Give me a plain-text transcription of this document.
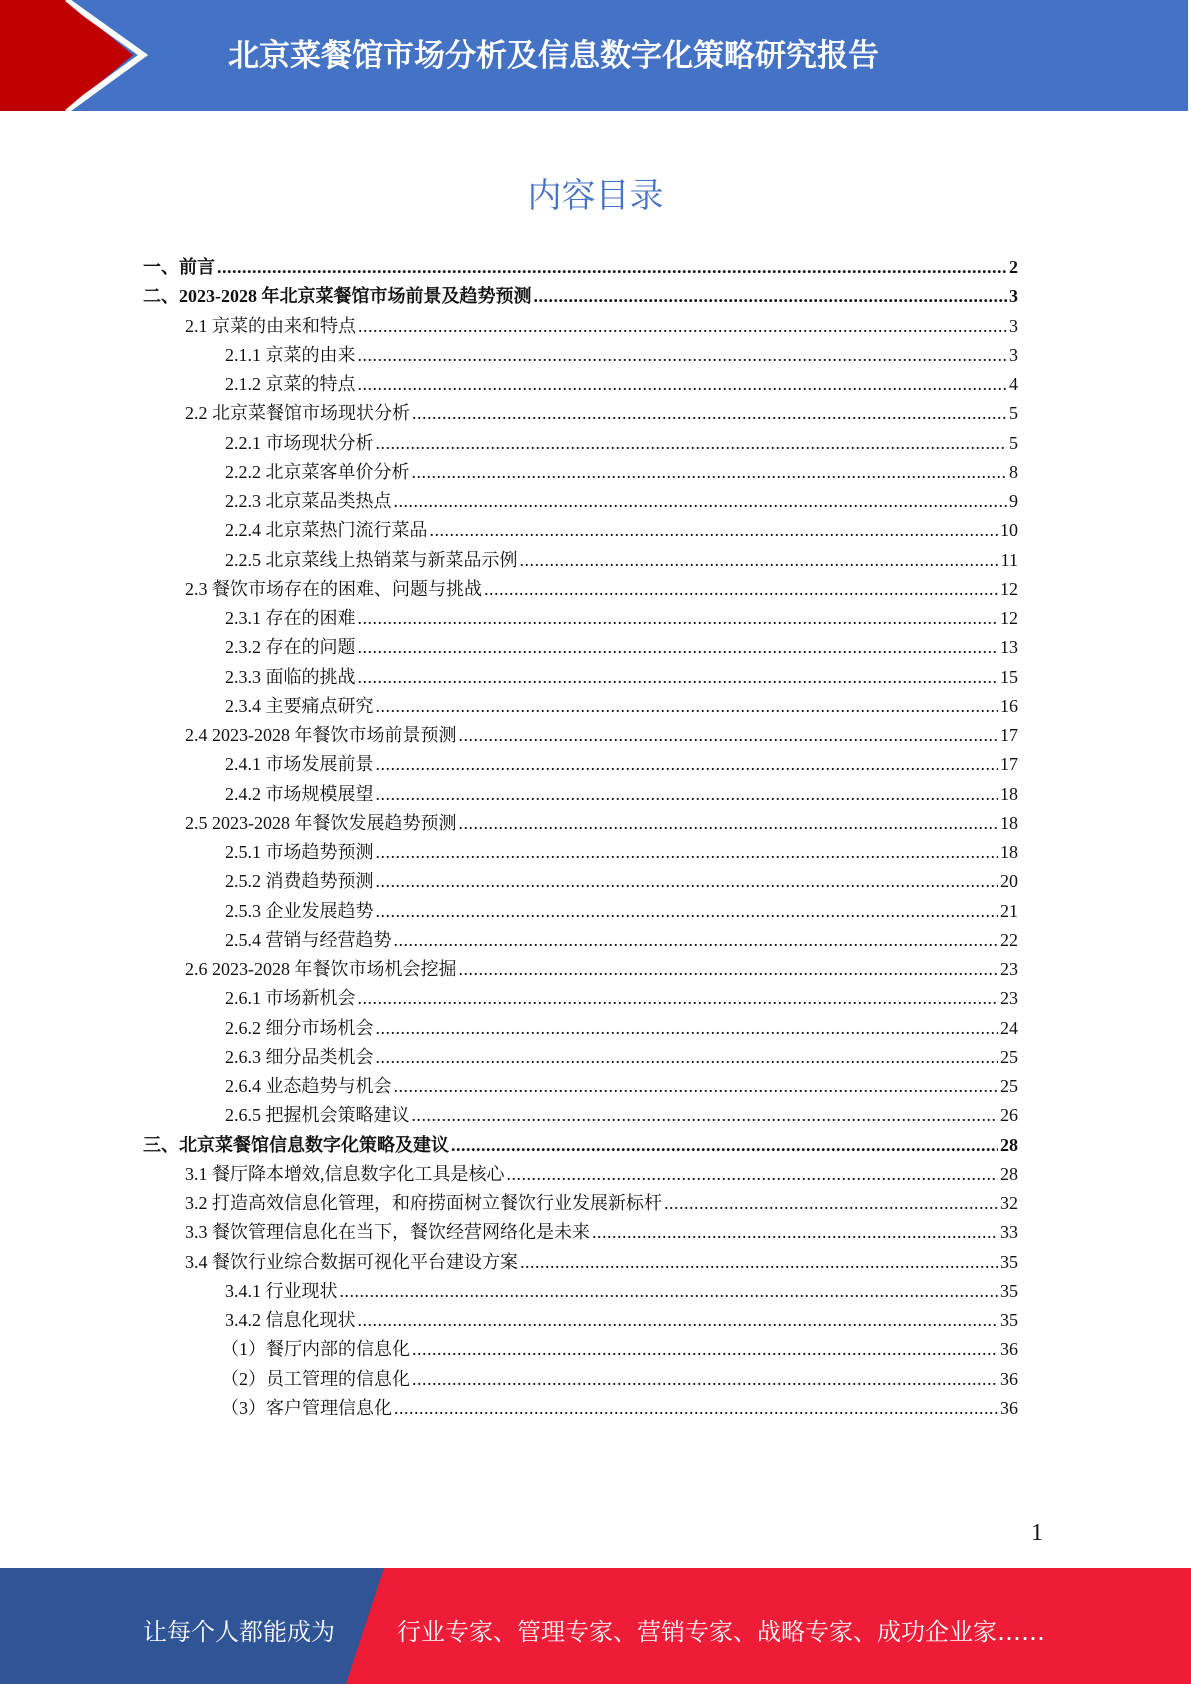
北京菜餐馆市场分析及信息数字化策略研究报告
内容目录
一、前言 .....	2
二、2023-2028 年北京菜餐馆市场前景及趋势预测 .....	3
2.1 京菜的由来和特点 .....	3
2.1.1 京菜的由来 .....	3
2.1.2 京菜的特点 .....	4
2.2 北京菜餐馆市场现状分析 .....	5
2.2.1 市场现状分析 .....	5
2.2.2 北京菜客单价分析 .....	8
2.2.3 北京菜品类热点 .....	9
2.2.4 北京菜热门流行菜品 .....	10
2.2.5 北京菜线上热销菜与新菜品示例 .....	11
2.3 餐饮市场存在的困难、问题与挑战 .....	12
2.3.1 存在的困难 .....	12
2.3.2 存在的问题 .....	13
2.3.3 面临的挑战 .....	15
2.3.4 主要痛点研究 .....	16
2.4 2023-2028 年餐饮市场前景预测 .....	17
2.4.1 市场发展前景 .....	17
2.4.2 市场规模展望 .....	18
2.5 2023-2028 年餐饮发展趋势预测 .....	18
2.5.1 市场趋势预测 .....	18
2.5.2 消费趋势预测 .....	20
2.5.3 企业发展趋势 .....	21
2.5.4 营销与经营趋势 .....	22
2.6 2023-2028 年餐饮市场机会挖掘 .....	23
2.6.1 市场新机会 .....	23
2.6.2 细分市场机会 .....	24
2.6.3 细分品类机会 .....	25
2.6.4 业态趋势与机会 .....	25
2.6.5 把握机会策略建议 .....	26
三、北京菜餐馆信息数字化策略及建议 .....	28
3.1 餐厅降本增效,信息数字化工具是核心 .....	28
3.2 打造高效信息化管理，和府捞面树立餐饮行业发展新标杆 .....	32
3.3 餐饮管理信息化在当下，餐饮经营网络化是未来 .....	33
3.4 餐饮行业综合数据可视化平台建设方案 .....	35
3.4.1 行业现状 .....	35
3.4.2 信息化现状 .....	35
（1）餐厅内部的信息化 .....	36
（2）员工管理的信息化 .....	36
（3）客户管理信息化 .....	36
1
让每个人都能成为	行业专家、管理专家、营销专家、战略专家、成功企业家……
